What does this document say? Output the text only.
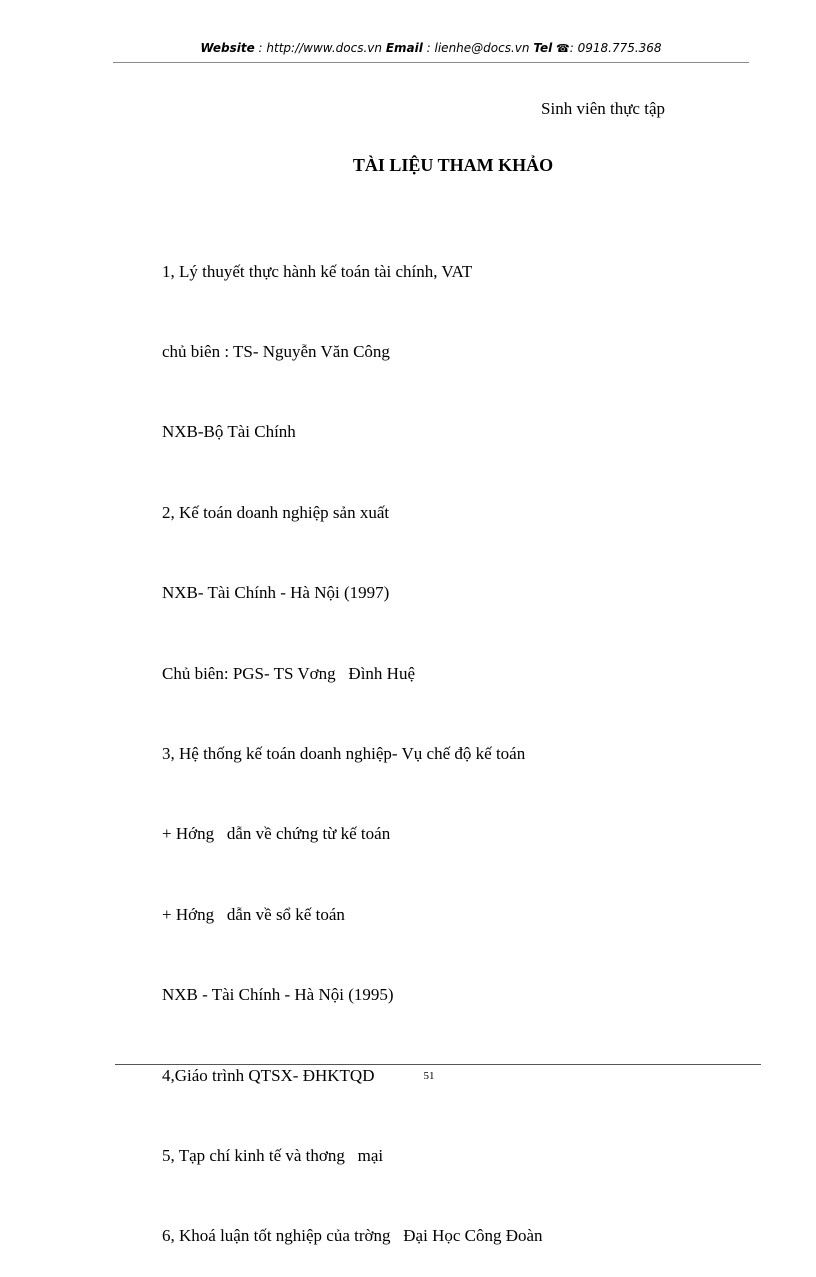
Website : http://www.docs.vn Email : lienhe@docs.vn Tel ☎: 0918.775.368
Sinh viên thực tập
TÀI LIỆU THAM KHẢO

1, Lý thuyết thực hành kế toán tài chính, VAT

chủ biên : TS- Nguyễn Văn Công

NXB-Bộ Tài Chính

2, Kế toán doanh nghiệp sản xuất

NXB- Tài Chính - Hà Nội (1997)

Chủ biên: PGS- TS Vơng   Đình Huệ

3, Hệ thống kế toán doanh nghiệp- Vụ chế độ kế toán

+ Hớng   dẫn về chứng từ kế toán

+ Hớng   dẫn về sổ kế toán

NXB - Tài Chính - Hà Nội (1995)

4,Giáo trình QTSX- ĐHKTQD

5, Tạp chí kinh tế và thơng   mại

6, Khoá luận tốt nghiệp của trờng   Đại Học Công Đoàn

51
